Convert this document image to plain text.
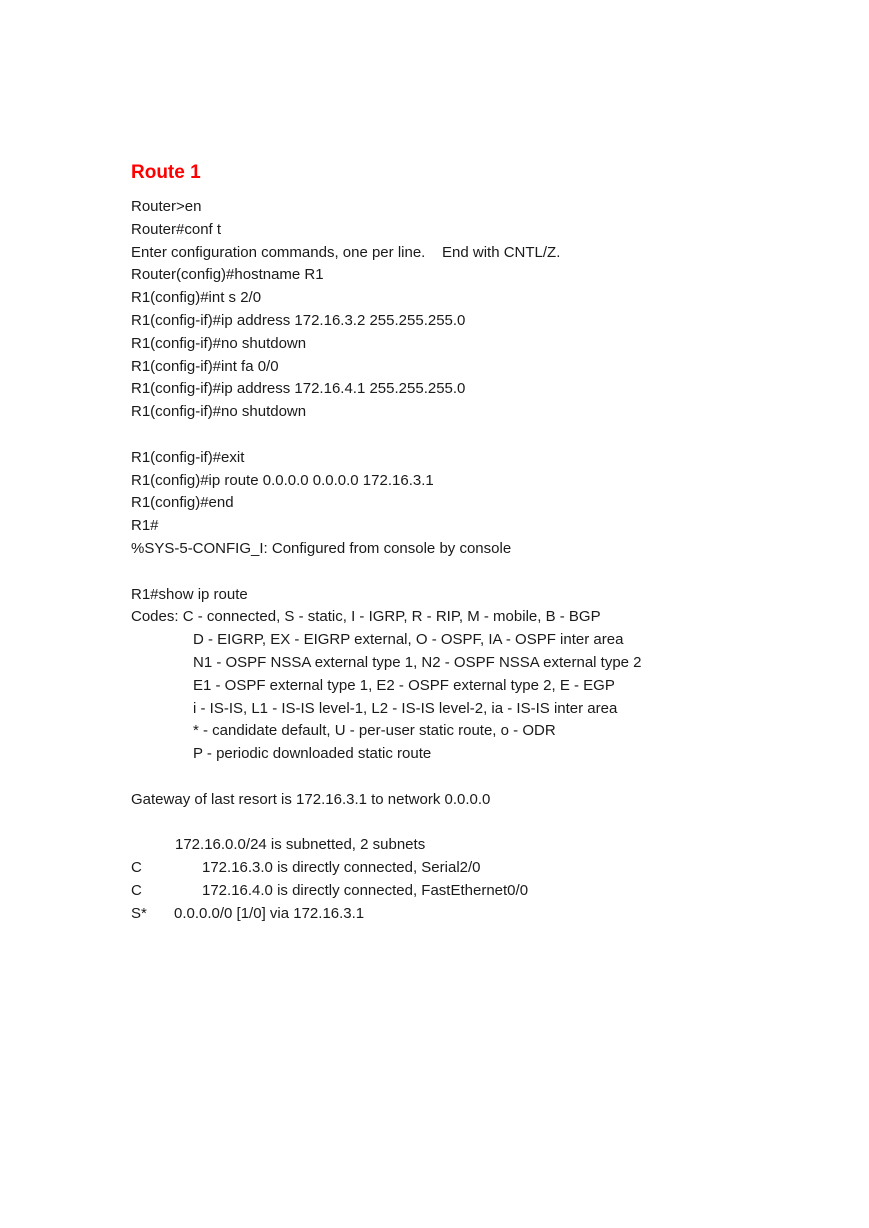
Route 1
Router>en
Router#conf t
Enter configuration commands, one per line.    End with CNTL/Z.
Router(config)#hostname R1
R1(config)#int s 2/0
R1(config-if)#ip address 172.16.3.2 255.255.255.0
R1(config-if)#no shutdown
R1(config-if)#int fa 0/0
R1(config-if)#ip address 172.16.4.1 255.255.255.0
R1(config-if)#no shutdown
R1(config-if)#exit
R1(config)#ip route 0.0.0.0 0.0.0.0 172.16.3.1
R1(config)#end
R1#
%SYS-5-CONFIG_I: Configured from console by console
R1#show ip route
Codes: C - connected, S - static, I - IGRP, R - RIP, M - mobile, B - BGP
D - EIGRP, EX - EIGRP external, O - OSPF, IA - OSPF inter area
N1 - OSPF NSSA external type 1, N2 - OSPF NSSA external type 2
E1 - OSPF external type 1, E2 - OSPF external type 2, E - EGP
i - IS-IS, L1 - IS-IS level-1, L2 - IS-IS level-2, ia - IS-IS inter area
* - candidate default, U - per-user static route, o - ODR
P - periodic downloaded static route
Gateway of last resort is 172.16.3.1 to network 0.0.0.0
172.16.0.0/24 is subnetted, 2 subnets
C	172.16.3.0 is directly connected, Serial2/0
C	172.16.4.0 is directly connected, FastEthernet0/0
S*	0.0.0.0/0 [1/0] via 172.16.3.1
